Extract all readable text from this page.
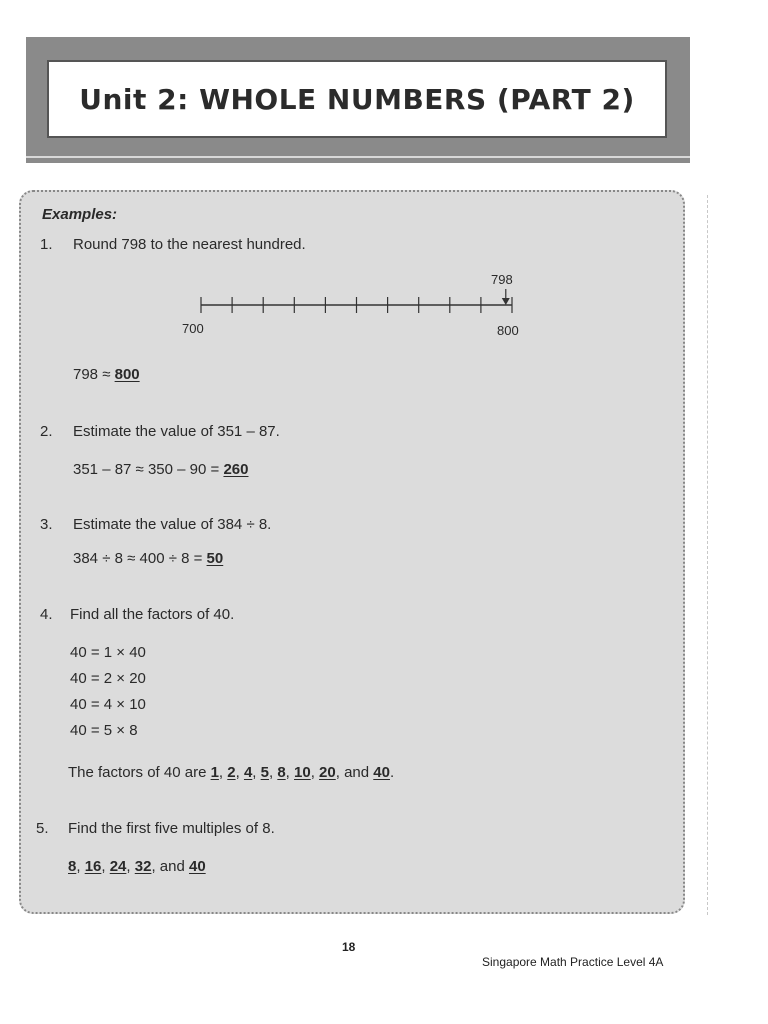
Unit 2: WHOLE NUMBERS (PART 2)
Examples:
1. Round 798 to the nearest hundred.
798
700	800
798 ≈ 800
2. Estimate the value of 351 – 87.
351 – 87 ≈ 350 – 90 = 260
3. Estimate the value of 384 ÷ 8.
384 ÷ 8 ≈ 400 ÷ 8 = 50
4. Find all the factors of 40.
40 = 1 × 40
40 = 2 × 20
40 = 4 × 10
40 = 5 × 8
The factors of 40 are 1, 2, 4, 5, 8, 10, 20, and 40.
5. Find the first five multiples of 8.
8, 16, 24, 32, and 40
18
Singapore Math Practice Level 4A
